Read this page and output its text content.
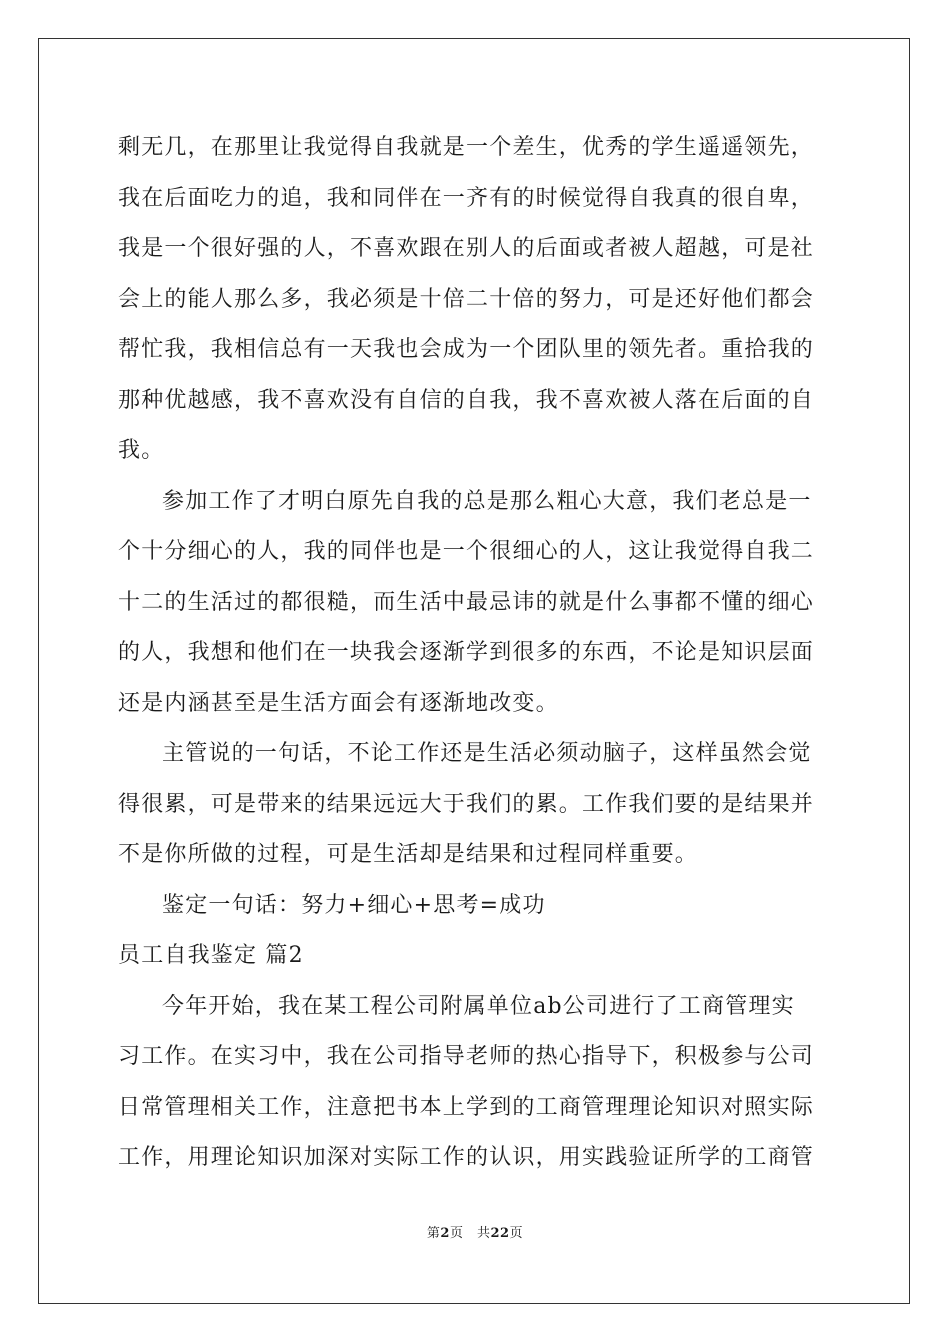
剩无几，在那里让我觉得自我就是一个差生，优秀的学生遥遥领先，
我在后面吃力的追，我和同伴在一齐有的时候觉得自我真的很自卑，
我是一个很好强的人，不喜欢跟在别人的后面或者被人超越，可是社
会上的能人那么多，我必须是十倍二十倍的努力，可是还好他们都会
帮忙我，我相信总有一天我也会成为一个团队里的领先者。重拾我的
那种优越感，我不喜欢没有自信的自我，我不喜欢被人落在后面的自
我。
参加工作了才明白原先自我的总是那么粗心大意，我们老总是一
个十分细心的人，我的同伴也是一个很细心的人，这让我觉得自我二
十二的生活过的都很糙，而生活中最忌讳的就是什么事都不懂的细心
的人，我想和他们在一块我会逐渐学到很多的东西，不论是知识层面
还是内涵甚至是生活方面会有逐渐地改变。
主管说的一句话，不论工作还是生活必须动脑子，这样虽然会觉
得很累，可是带来的结果远远大于我们的累。工作我们要的是结果并
不是你所做的过程，可是生活却是结果和过程同样重要。
鉴定一句话：努力+细心+思考=成功
员工自我鉴定 篇2
今年开始，我在某工程公司附属单位ab公司进行了工商管理实
习工作。在实习中，我在公司指导老师的热心指导下，积极参与公司
日常管理相关工作，注意把书本上学到的工商管理理论知识对照实际
工作，用理论知识加深对实际工作的认识，用实践验证所学的工商管
第2页　共22页
